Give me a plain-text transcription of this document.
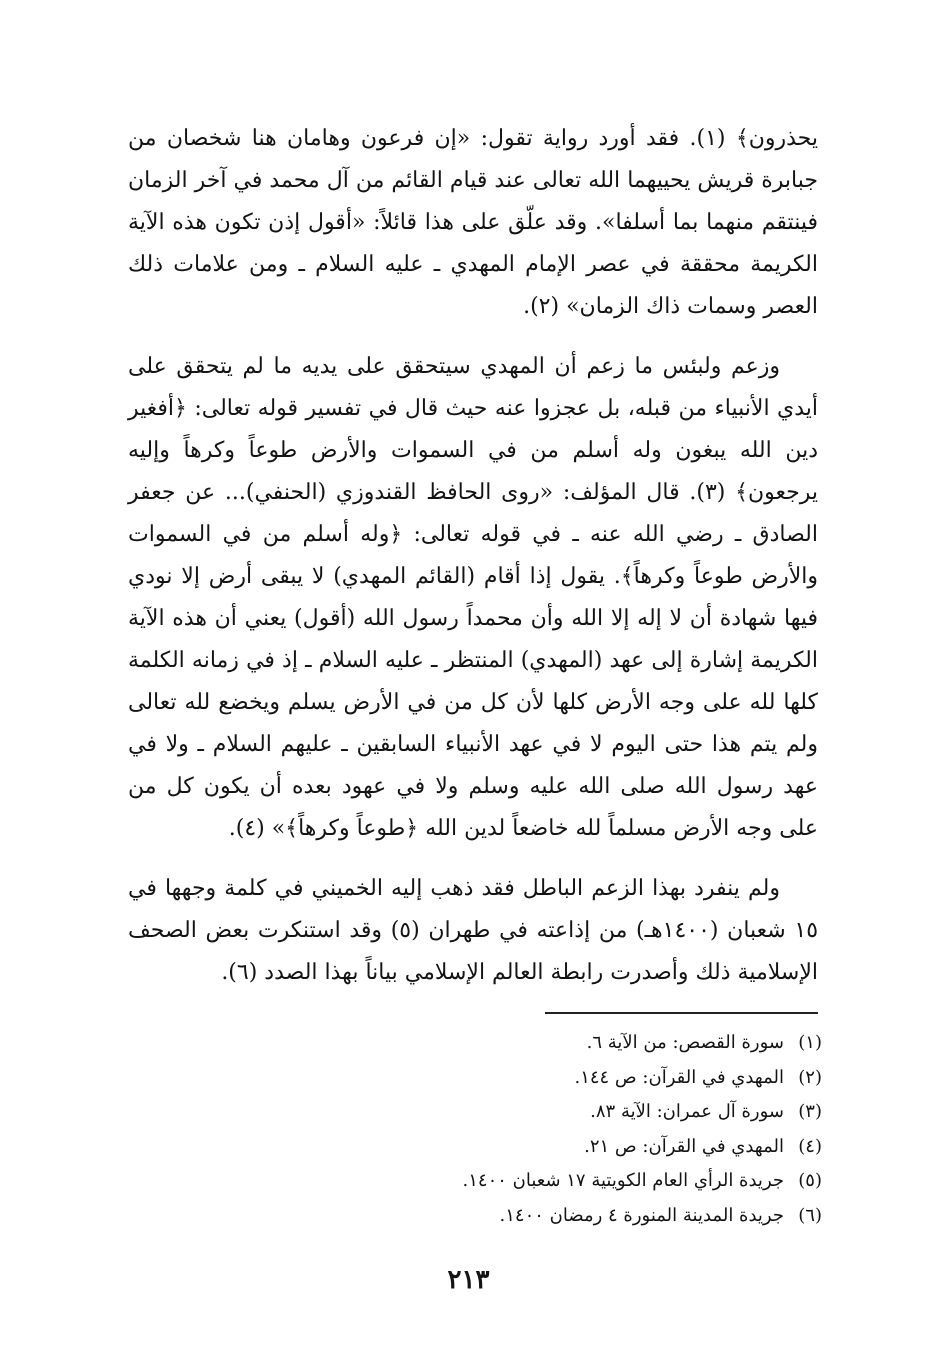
يحذرون﴾ (١). فقد أورد رواية تقول: «إن فرعون وهامان هنا شخصان من جبابرة قريش يحييهما الله تعالى عند قيام القائم من آل محمد في آخر الزمان فينتقم منهما بما أسلفا». وقد علّق على هذا قائلاً: «أقول إذن تكون هذه الآية الكريمة محققة في عصر الإمام المهدي ـ عليه السلام ـ ومن علامات ذلك العصر وسمات ذاك الزمان» (٢).

وزعم ولبئس ما زعم أن المهدي سيتحقق على يديه ما لم يتحقق على أيدي الأنبياء من قبله، بل عجزوا عنه حيث قال في تفسير قوله تعالى: ﴿أفغير دين الله يبغون وله أسلم من في السموات والأرض طوعاً وكرهاً وإليه يرجعون﴾ (٣). قال المؤلف: «روى الحافظ القندوزي (الحنفي)... عن جعفر الصادق ـ رضي الله عنه ـ في قوله تعالى: ﴿وله أسلم من في السموات والأرض طوعاً وكرهاً﴾. يقول إذا أقام (القائم المهدي) لا يبقى أرض إلا نودي فيها شهادة أن لا إله إلا الله وأن محمداً رسول الله (أقول) يعني أن هذه الآية الكريمة إشارة إلى عهد (المهدي) المنتظر ـ عليه السلام ـ إذ في زمانه الكلمة كلها لله على وجه الأرض كلها لأن كل من في الأرض يسلم ويخضع لله تعالى ولم يتم هذا حتى اليوم لا في عهد الأنبياء السابقين ـ عليهم السلام ـ ولا في عهد رسول الله صلى الله عليه وسلم ولا في عهود بعده أن يكون كل من على وجه الأرض مسلماً لله خاضعاً لدين الله ﴿طوعاً وكرهاً﴾» (٤).

ولم ينفرد بهذا الزعم الباطل فقد ذهب إليه الخميني في كلمة وجهها في ١٥ شعبان (١٤٠٠هـ) من إذاعته في طهران (٥) وقد استنكرت بعض الصحف الإسلامية ذلك وأصدرت رابطة العالم الإسلامي بياناً بهذا الصدد (٦).

(١)سورة القصص: من الآية ٦.
(٢)المهدي في القرآن: ص ١٤٤.
(٣)سورة آل عمران: الآية ٨٣.
(٤)المهدي في القرآن: ص ٢١.
(٥)جريدة الرأي العام الكويتية ١٧ شعبان ١٤٠٠.
(٦)جريدة المدينة المنورة ٤ رمضان ١٤٠٠.
٢١٣
